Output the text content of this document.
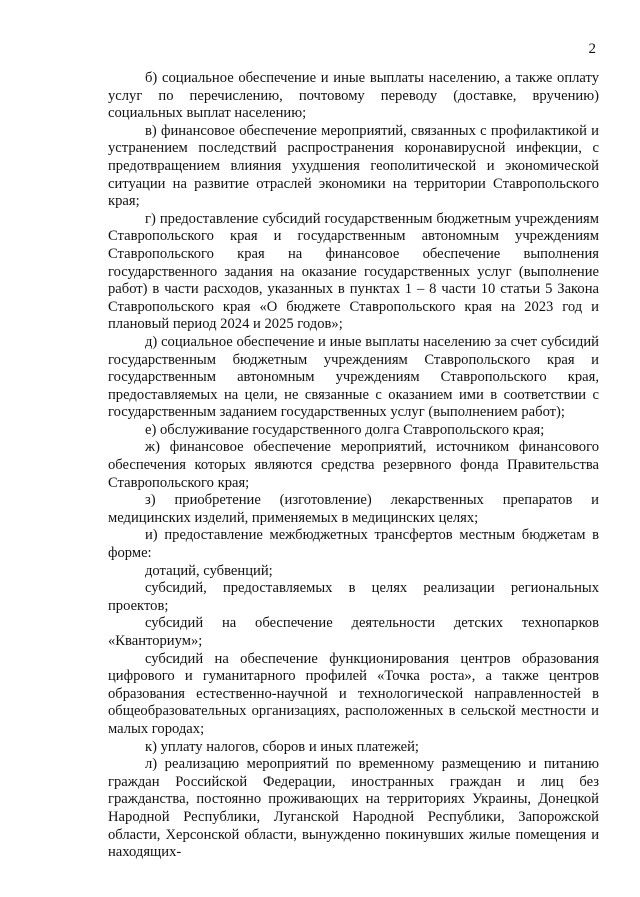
2

б) социальное обеспечение и иные выплаты населению, а также оплату услуг по перечислению, почтовому переводу (доставке, вручению) социальных выплат населению;

в) финансовое обеспечение мероприятий, связанных с профилактикой и устранением последствий распространения коронавирусной инфекции, с предотвращением влияния ухудшения геополитической и экономической ситуации на развитие отраслей экономики на территории Ставропольского края;

г) предоставление субсидий государственным бюджетным учреждениям Ставропольского края и государственным автономным учреждениям Ставропольского края на финансовое обеспечение выполнения государственного задания на оказание государственных услуг (выполнение работ) в части расходов, указанных в пунктах 1 – 8 части 10 статьи 5 Закона Ставропольского края «О бюджете Ставропольского края на 2023 год и плановый период 2024 и 2025 годов»;

д) социальное обеспечение и иные выплаты населению за счет субсидий государственным бюджетным учреждениям Ставропольского края и государственным автономным учреждениям Ставропольского края, предоставляемых на цели, не связанные с оказанием ими в соответствии с государственным заданием государственных услуг (выполнением работ);

е) обслуживание государственного долга Ставропольского края;

ж) финансовое обеспечение мероприятий, источником финансового обеспечения которых являются средства резервного фонда Правительства Ставропольского края;

з) приобретение (изготовление) лекарственных препаратов и медицинских изделий, применяемых в медицинских целях;

и) предоставление межбюджетных трансфертов местным бюджетам в форме:

дотаций, субвенций;

субсидий, предоставляемых в целях реализации региональных проектов;

субсидий на обеспечение деятельности детских технопарков «Кванториум»;

субсидий на обеспечение функционирования центров образования цифрового и гуманитарного профилей «Точка роста», а также центров образования естественно-научной и технологической направленностей в общеобразовательных организациях, расположенных в сельской местности и малых городах;

к) уплату налогов, сборов и иных платежей;

л) реализацию мероприятий по временному размещению и питанию граждан Российской Федерации, иностранных граждан и лиц без гражданства, постоянно проживающих на территориях Украины, Донецкой Народной Республики, Луганской Народной Республики, Запорожской области, Херсонской области, вынужденно покинувших жилые помещения и находящих-
